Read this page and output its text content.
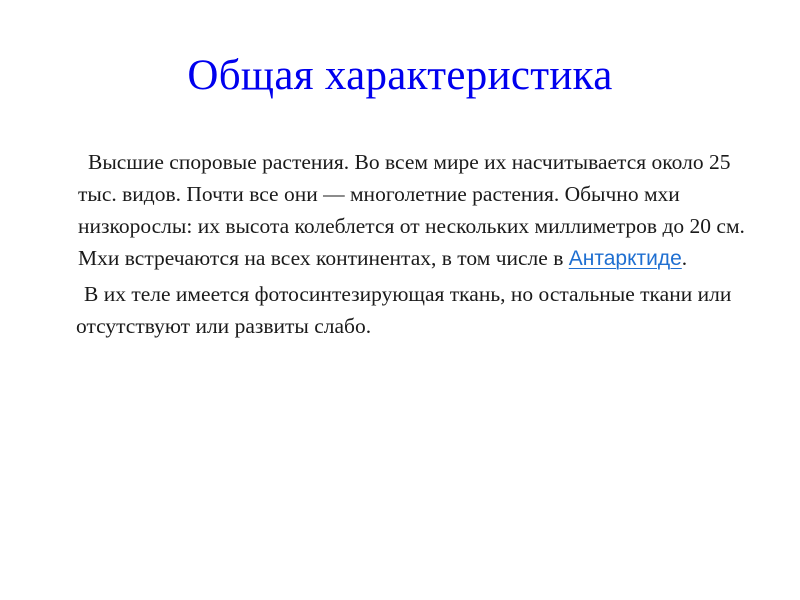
Общая характеристика

Высшие споровые растения. Во всем мире их насчитывается около 25 тыс. видов. Почти все они — многолетние растения. Обычно мхи низкорослы: их высота колеблется от нескольких миллиметров до 20 см. Мхи встречаются на всех континентах, в том числе в Антарктиде.

В их теле имеется фотосинтезирующая ткань, но остальные ткани или отсутствуют или развиты слабо.
